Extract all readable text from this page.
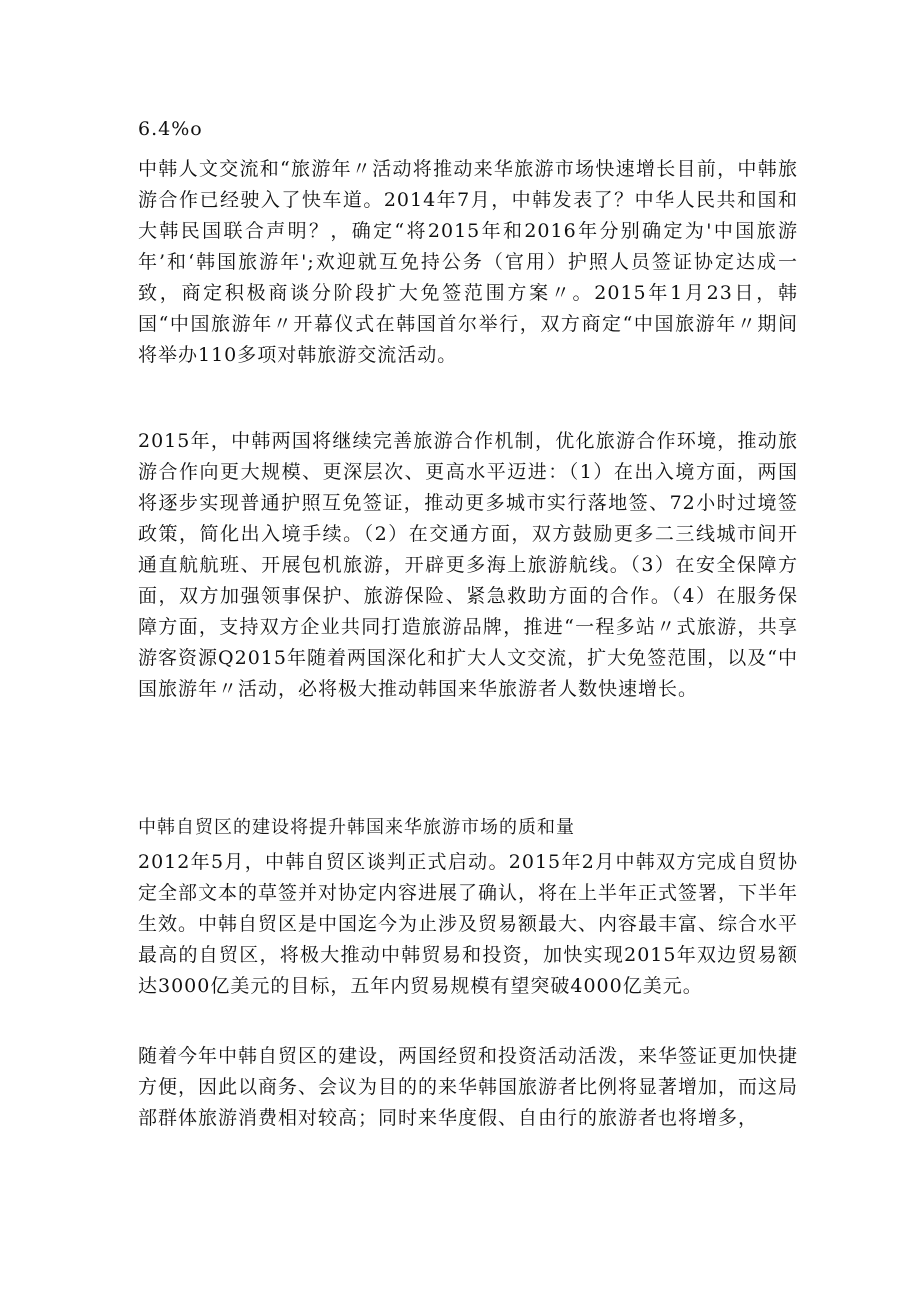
6.4%o

中韩人文交流和“旅游年〃活动将推动来华旅游市场快速增长目前，中韩旅游合作已经驶入了快车道。2014年7月，中韩发表了？中华人民共和国和大韩民国联合声明？，确定“将2015年和2016年分别确定为'中国旅游年’和‘韩国旅游年';欢迎就互免持公务（官用）护照人员签证协定达成一致，商定积极商谈分阶段扩大免签范围方案〃。2015年1月23日，韩国“中国旅游年〃开幕仪式在韩国首尔举行，双方商定“中国旅游年〃期间将举办110多项对韩旅游交流活动。

2015年，中韩两国将继续完善旅游合作机制，优化旅游合作环境，推动旅游合作向更大规模、更深层次、更高水平迈进：（1）在出入境方面，两国将逐步实现普通护照互免签证，推动更多城市实行落地签、72小时过境签政策，简化出入境手续。（2）在交通方面，双方鼓励更多二三线城市间开通直航航班、开展包机旅游，开辟更多海上旅游航线。（3）在安全保障方面，双方加强领事保护、旅游保险、紧急救助方面的合作。（4）在服务保障方面，支持双方企业共同打造旅游品牌，推进“一程多站〃式旅游，共享游客资源Q2015年随着两国深化和扩大人文交流，扩大免签范围，以及“中国旅游年〃活动，必将极大推动韩国来华旅游者人数快速增长。

中韩自贸区的建设将提升韩国来华旅游市场的质和量

2012年5月，中韩自贸区谈判正式启动。2015年2月中韩双方完成自贸协定全部文本的草签并对协定内容进展了确认，将在上半年正式签署，下半年生效。中韩自贸区是中国迄今为止涉及贸易额最大、内容最丰富、综合水平最高的自贸区，将极大推动中韩贸易和投资，加快实现2015年双边贸易额达3000亿美元的目标，五年内贸易规模有望突破4000亿美元。

随着今年中韩自贸区的建设，两国经贸和投资活动活泼，来华签证更加快捷方便，因此以商务、会议为目的的来华韩国旅游者比例将显著增加，而这局部群体旅游消费相对较高；同时来华度假、自由行的旅游者也将增多，
